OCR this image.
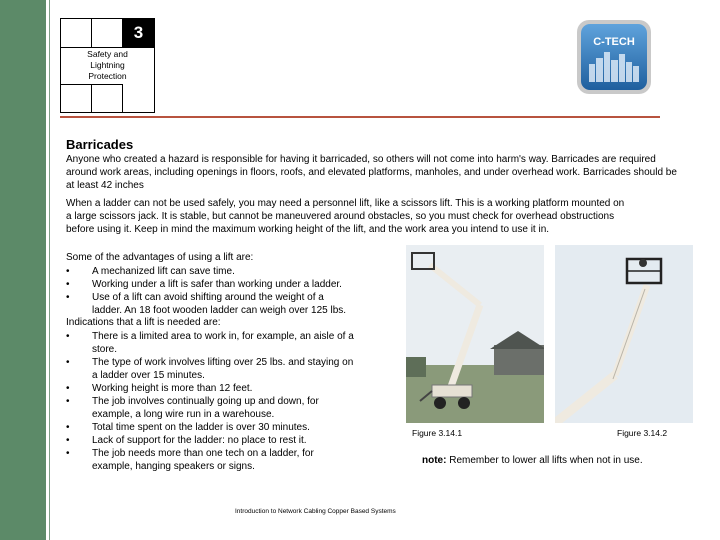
3
Safety and
Lightning
Protection
C-TECH
Barricades
Anyone who created a hazard is responsible for having it barricaded, so others will not come into harm's way. Barricades are required around work areas, including openings in floors, roofs, and elevated platforms, manholes, and under overhead work. Barricades should be at least 42 inches
When a ladder can not be used safely, you may need a personnel lift, like a scissors lift. This is a working platform mounted on a large scissors jack. It is stable, but cannot be maneuvered around obstacles, so you must check for overhead obstructions before using it. Keep in mind the maximum working height of the lift, and the work area you intend to use it in.
Some of the advantages of using a lift are:
• A mechanized lift can save time.
• Working under a lift is safer than working under a ladder.
• Use of a lift can avoid shifting around the weight of a ladder. An 18 foot wooden ladder can weigh over 125 lbs.
Indications that a lift is needed are:
• There is a limited area to work in, for example, an aisle of a store.
• The type of work involves lifting over 25 lbs. and staying on a ladder over 15 minutes.
• Working height is more than 12 feet.
• The job involves continually going up and down, for example, a long wire run in a warehouse.
• Total time spent on the ladder is over 30 minutes.
• Lack of support for the ladder: no place to rest it.
• The job needs more than one tech on a ladder, for example, hanging speakers or signs.
Figure 3.14.1	Figure 3.14.2
note: Remember to lower all lifts when not in use.
Introduction to Network Cabling Copper Based Systems
